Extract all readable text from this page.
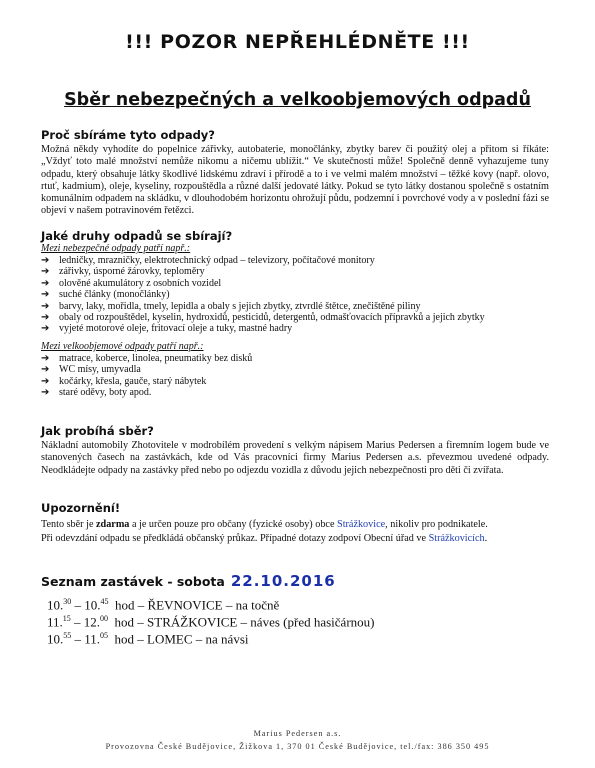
!!! POZOR NEPŘEHLÉDNĚTE !!!
Sběr nebezpečných a velkoobjemových odpadů
Proč sbíráme tyto odpady?

Možná někdy vyhodíte do popelnice zářivky, autobaterie, monočlánky, zbytky barev či použitý olej a přitom si říkáte: „Vždyť toto malé množství nemůže nikomu a ničemu ublížit.“ Ve skutečnosti může! Společně denně vyhazujeme tuny odpadu, který obsahuje látky škodlivé lidskému zdraví i přírodě a to i ve velmi malém množství – těžké kovy (např. olovo, rtuť, kadmium), oleje, kyseliny, rozpouštědla a různé další jedovaté látky. Pokud se tyto látky dostanou společně s ostatním komunálním odpadem na skládku, v dlouhodobém horizontu ohrožují půdu, podzemní i povrchové vody a v poslední fázi se objeví v našem potravinovém řetězci.

Jaké druhy odpadů se sbírají?
Mezi nebezpečné odpady patří např.:
➔ ledničky, mrazničky, elektrotechnický odpad – televizory, počítačové monitory
➔ zářivky, úsporné žárovky, teploměry
➔ olověné akumulátory z osobních vozidel
➔ suché články (monočlánky)
➔ barvy, laky, mořidla, tmely, lepidla a obaly s jejich zbytky, ztvrdlé štětce, znečištěné piliny
➔ obaly od rozpouštědel, kyselin, hydroxidů, pesticidů, detergentů, odmašťovacích přípravků a jejich zbytky
➔ vyjeté motorové oleje, fritovací oleje a tuky, mastné hadry
Mezi velkoobjemové odpady patří např.:
➔ matrace, koberce, linolea, pneumatiky bez disků
➔ WC mísy, umyvadla
➔ kočárky, křesla, gauče, starý nábytek
➔ staré oděvy, boty apod.
Jak probíhá sběr?

Nákladní automobily Zhotovitele v modrobílém provedení s velkým nápisem Marius Pedersen a firemním logem bude ve stanovených časech na zastávkách, kde od Vás pracovníci firmy Marius Pedersen a.s. převezmou uvedené odpady. Neodkládejte odpady na zastávky před nebo po odjezdu vozidla z důvodu jejich nebezpečnosti pro děti či zvířata.

Upozornění!

Tento sběr je zdarma a je určen pouze pro občany (fyzické osoby) obce Strážkovice, nikoliv pro podnikatele.

Při odevzdání odpadu se předkládá občanský průkaz. Případné dotazy zodpoví Obecní úřad ve Strážkovicích.

Seznam zastávek - sobota 22.10.2016
10.30 – 10.45  hod – ŘEVNOVICE – na točně
11.15 – 12.00  hod – STRÁŽKOVICE – náves (před hasičárnou)
10.55 – 11.05  hod – LOMEC – na návsi
Marius Pedersen a.s.
Provozovna České Budějovice, Žižkova 1, 370 01 České Budějovice, tel./fax: 386 350 495
